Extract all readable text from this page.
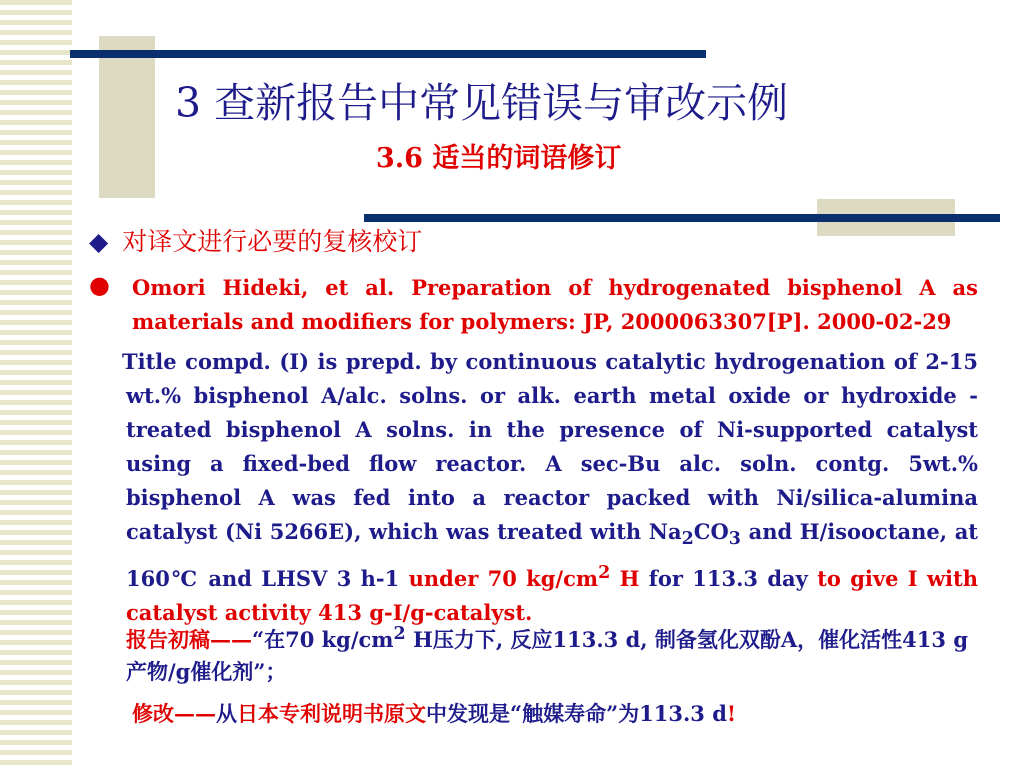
3 查新报告中常见错误与审改示例
3.6 适当的词语修订
◆ 对译文进行必要的复核校订
● Omori Hideki, et al. Preparation of hydrogenated bisphenol A as materials and modifiers for polymers: JP, 2000063307[P]. 2000-02-29
Title compd. (I) is prepd. by continuous catalytic hydrogenation of 2-15 wt.% bisphenol A/alc. solns. or alk. earth metal oxide or hydroxide -treated bisphenol A solns. in the presence of Ni-supported catalyst using a fixed-bed flow reactor. A sec-Bu alc. soln. contg. 5wt.% bisphenol A was fed into a reactor packed with Ni/silica-alumina catalyst (Ni 5266E), which was treated with $Na_2CO_3$ and H/isooctane, at 160℃ and LHSV 3 h-1 under 70 $kg/cm^2$ H for 113.3 day to give I with catalyst activity 413 g-I/g-catalyst.
报告初稿——“在70 $kg/cm^2$ H压力下, 反应113.3 d, 制备氢化双酚A，催化活性413 g产物/g催化剂”；
修改——从日本专利说明书原文中发现是“触媒寿命”为113.3 d!
